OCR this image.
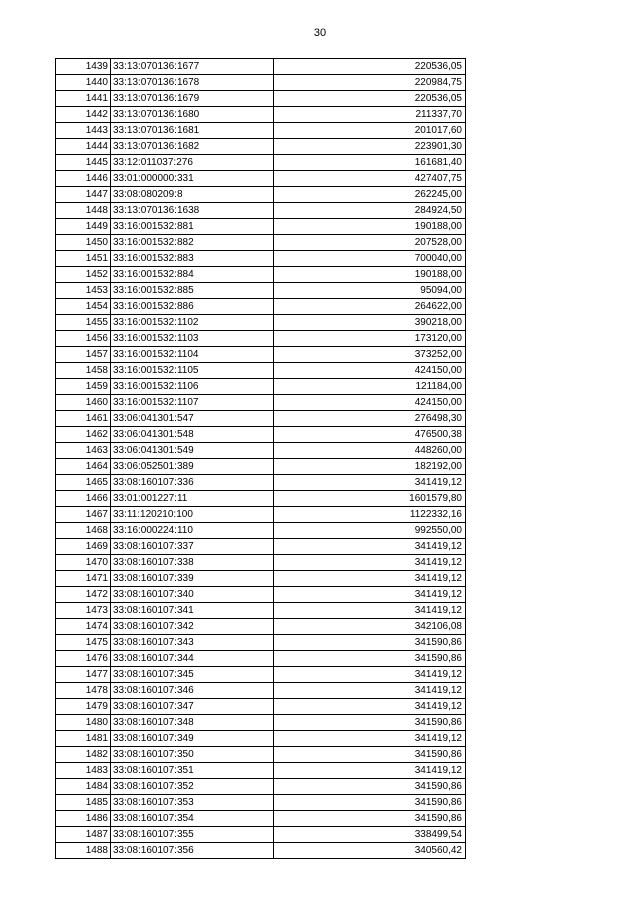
30
1439	33:13:070136:1677	220536,05
1440	33:13:070136:1678	220984,75
1441	33:13:070136:1679	220536,05
1442	33:13:070136:1680	211337,70
1443	33:13:070136:1681	201017,60
1444	33:13:070136:1682	223901,30
1445	33:12:011037:276	161681,40
1446	33:01:000000:331	427407,75
1447	33:08:080209:8	262245,00
1448	33:13:070136:1638	284924,50
1449	33:16:001532:881	190188,00
1450	33:16:001532:882	207528,00
1451	33:16:001532:883	700040,00
1452	33:16:001532:884	190188,00
1453	33:16:001532:885	95094,00
1454	33:16:001532:886	264622,00
1455	33:16:001532:1102	390218,00
1456	33:16:001532:1103	173120,00
1457	33:16:001532:1104	373252,00
1458	33:16:001532:1105	424150,00
1459	33:16:001532:1106	121184,00
1460	33:16:001532:1107	424150,00
1461	33:06:041301:547	276498,30
1462	33:06:041301:548	476500,38
1463	33:06:041301:549	448260,00
1464	33:06:052501:389	182192,00
1465	33:08:160107:336	341419,12
1466	33:01:001227:11	1601579,80
1467	33:11:120210:100	1122332,16
1468	33:16:000224:110	992550,00
1469	33:08:160107:337	341419,12
1470	33:08:160107:338	341419,12
1471	33:08:160107:339	341419,12
1472	33:08:160107:340	341419,12
1473	33:08:160107:341	341419,12
1474	33:08:160107:342	342106,08
1475	33:08:160107:343	341590,86
1476	33:08:160107:344	341590,86
1477	33:08:160107:345	341419,12
1478	33:08:160107:346	341419,12
1479	33:08:160107:347	341419,12
1480	33:08:160107:348	341590,86
1481	33:08:160107:349	341419,12
1482	33:08:160107:350	341590,86
1483	33:08:160107:351	341419,12
1484	33:08:160107:352	341590,86
1485	33:08:160107:353	341590,86
1486	33:08:160107:354	341590,86
1487	33:08:160107:355	338499,54
1488	33:08:160107:356	340560,42
